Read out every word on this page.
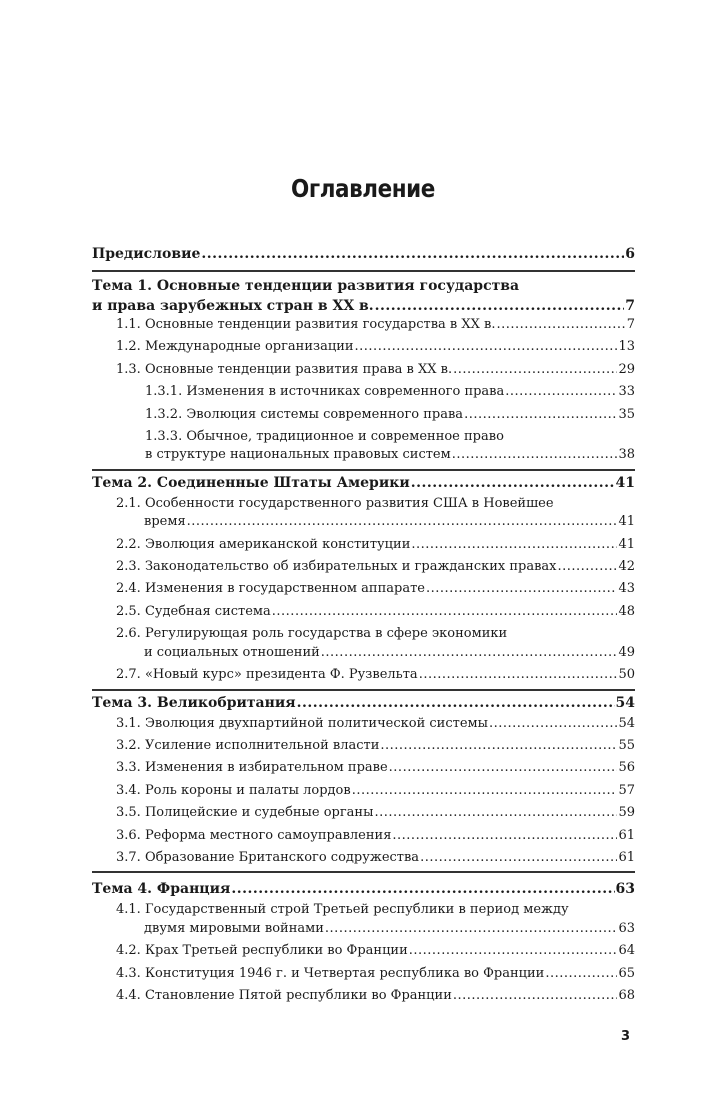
Оглавление
Предисловие .....	6
Тема 1. Основные тенденции развития государства
и права зарубежных стран в XX в. .....	7
1.1. Основные тенденции развития государства в XX в. .....	7
1.2. Международные организации .....	13
1.3. Основные тенденции развития права в XX в. .....	29
1.3.1. Изменения в источниках современного права .....	33
1.3.2. Эволюция системы современного права .....	35
1.3.3. Обычное, традиционное и современное право
в структуре национальных правовых систем .....	38
Тема 2. Соединенные Штаты Америки .....	41
2.1. Особенности государственного развития США в Новейшее
время .....	41
2.2. Эволюция американской конституции .....	41
2.3. Законодательство об избирательных и гражданских правах .....	42
2.4. Изменения в государственном аппарате .....	43
2.5. Судебная система .....	48
2.6. Регулирующая роль государства в сфере экономики
и социальных отношений .....	49
2.7. «Новый курс» президента Ф. Рузвельта .....	50
Тема 3. Великобритания .....	54
3.1. Эволюция двухпартийной политической системы .....	54
3.2. Усиление исполнительной власти .....	55
3.3. Изменения в избирательном праве .....	56
3.4. Роль короны и палаты лордов .....	57
3.5. Полицейские и судебные органы .....	59
3.6. Реформа местного самоуправления .....	61
3.7. Образование Британского содружества .....	61
Тема 4. Франция .....	63
4.1. Государственный строй Третьей республики в период между
двумя мировыми войнами .....	63
4.2. Крах Третьей республики во Франции .....	64
4.3. Конституция 1946 г. и Четвертая республика во Франции .....	65
4.4. Становление Пятой республики во Франции .....	68
3
